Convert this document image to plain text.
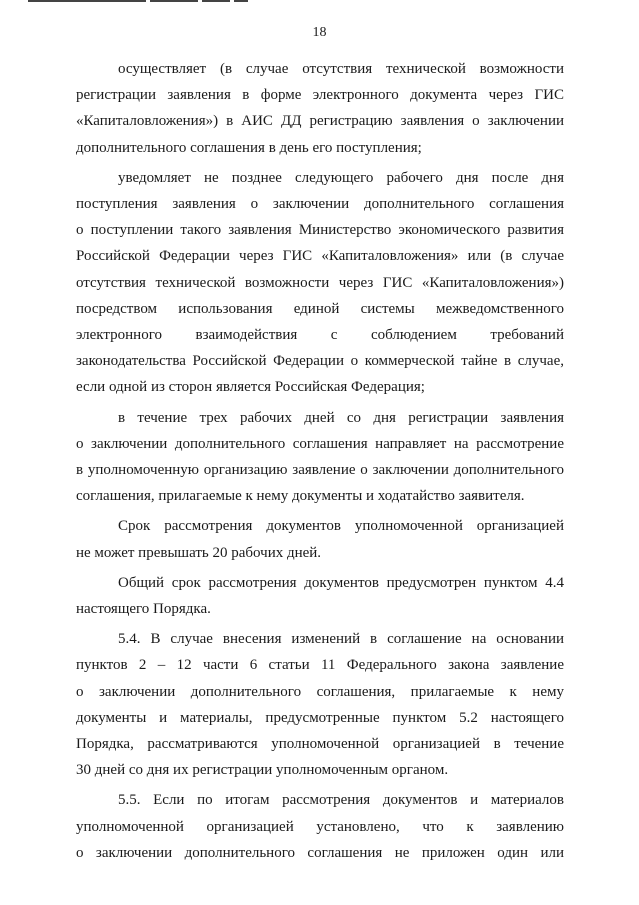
18

осуществляет (в случае отсутствия технической возможности
регистрации заявления в форме электронного документа через ГИС
«Капиталовложения») в АИС ДД регистрацию заявления о заключении
дополнительного соглашения в день его поступления;

уведомляет не позднее следующего рабочего дня после дня
поступления заявления о заключении дополнительного соглашения
о поступлении такого заявления Министерство экономического развития
Российской Федерации через ГИС «Капиталовложения» или (в случае
отсутствия технической возможности через ГИС «Капиталовложения»)
посредством использования единой системы межведомственного
электронного взаимодействия с соблюдением требований
законодательства Российской Федерации о коммерческой тайне в случае,
если одной из сторон является Российская Федерация;

в течение трех рабочих дней со дня регистрации заявления
о заключении дополнительного соглашения направляет на рассмотрение
в уполномоченную организацию заявление о заключении дополнительного
соглашения, прилагаемые к нему документы и ходатайство заявителя.

Срок рассмотрения документов уполномоченной организацией
не может превышать 20 рабочих дней.

Общий срок рассмотрения документов предусмотрен пунктом 4.4
настоящего Порядка.

5.4. В случае внесения изменений в соглашение на основании
пунктов 2 – 12 части 6 статьи 11 Федерального закона заявление
о заключении дополнительного соглашения, прилагаемые к нему
документы и материалы, предусмотренные пунктом 5.2 настоящего
Порядка, рассматриваются уполномоченной организацией в течение
30 дней со дня их регистрации уполномоченным органом.

5.5. Если по итогам рассмотрения документов и материалов
уполномоченной организацией установлено, что к заявлению
о заключении дополнительного соглашения не приложен один или
